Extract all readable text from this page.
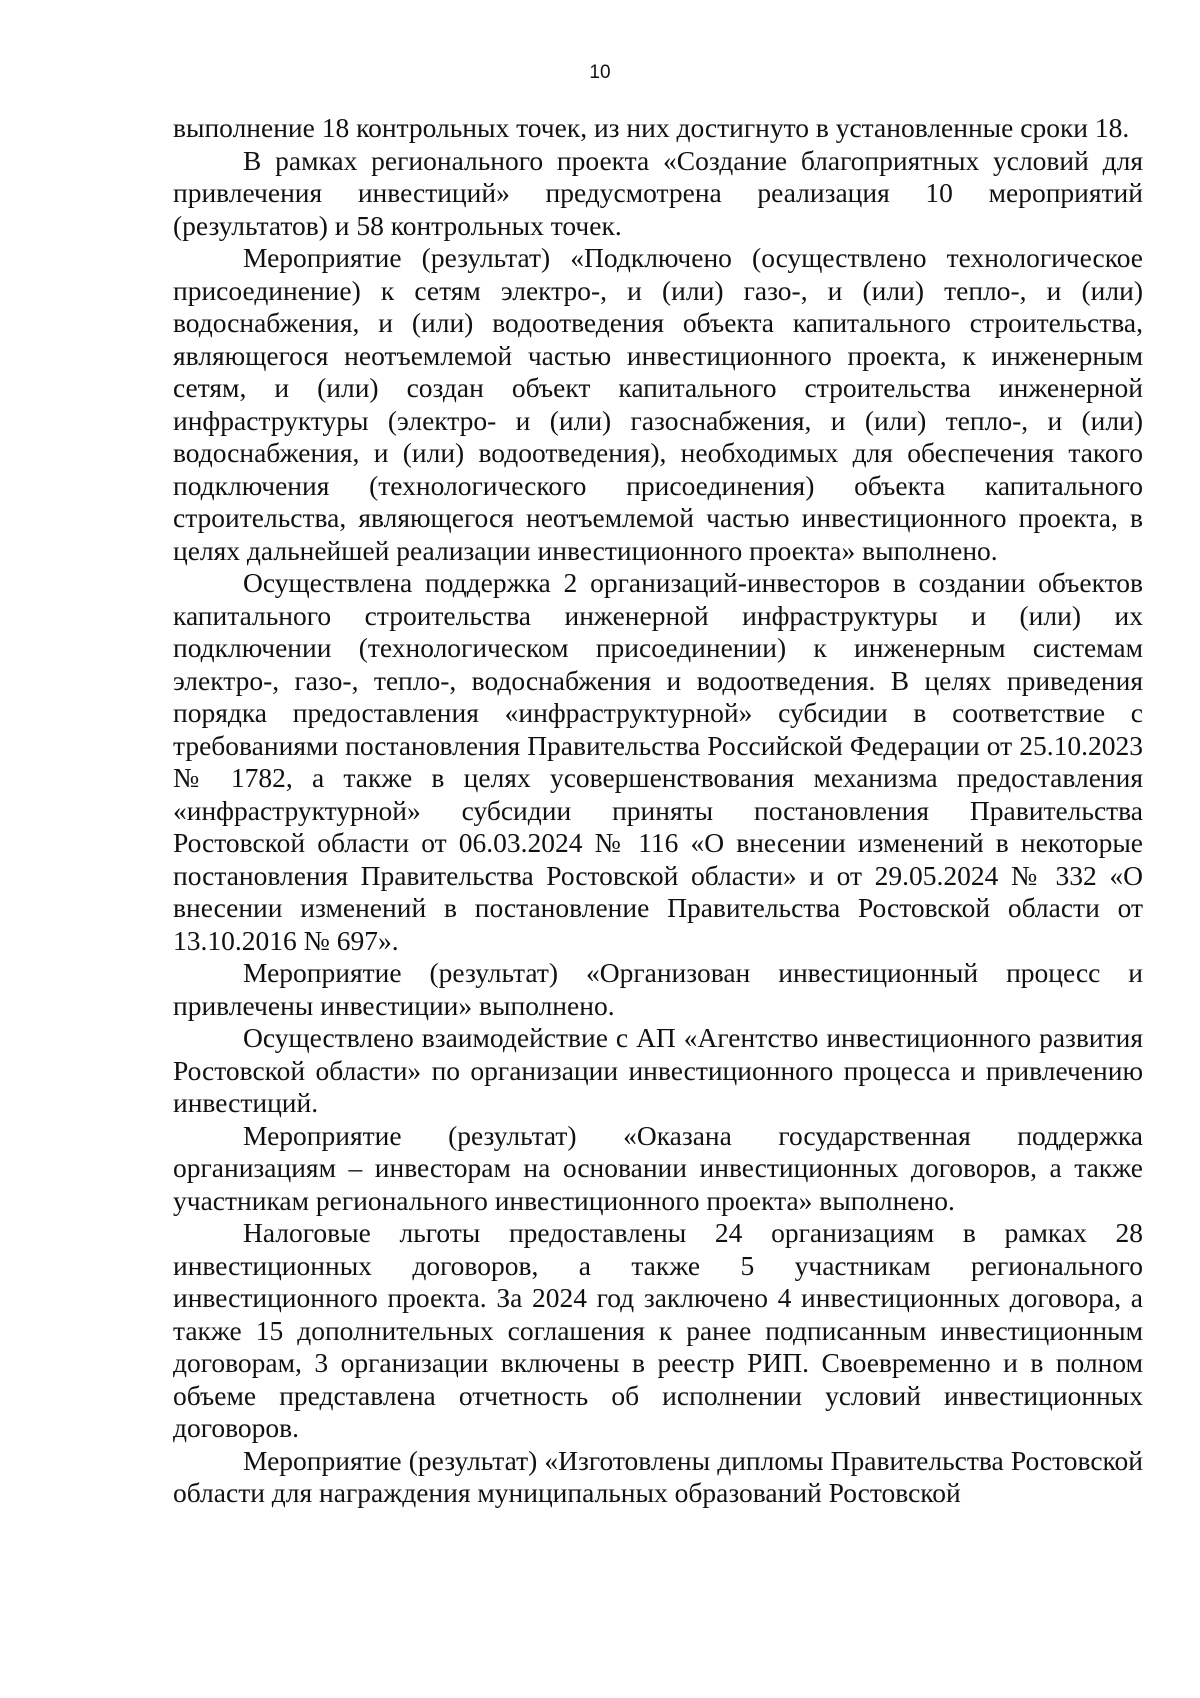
10

выполнение 18 контрольных точек, из них достигнуто в установленные сроки 18.

В рамках регионального проекта «Создание благоприятных условий для привлечения инвестиций» предусмотрена реализация 10 мероприятий (результатов) и 58 контрольных точек.

Мероприятие (результат) «Подключено (осуществлено технологическое присоединение) к сетям электро-, и (или) газо-, и (или) тепло-, и (или) водоснабжения, и (или) водоотведения объекта капитального строительства, являющегося неотъемлемой частью инвестиционного проекта, к инженерным сетям, и (или) создан объект капитального строительства инженерной инфраструктуры (электро- и (или) газоснабжения, и (или) тепло-, и (или) водоснабжения, и (или) водоотведения), необходимых для обеспечения такого подключения (технологического присоединения) объекта капитального строительства, являющегося неотъемлемой частью инвестиционного проекта, в целях дальнейшей реализации инвестиционного проекта» выполнено.

Осуществлена поддержка 2 организаций-инвесторов в создании объектов капитального строительства инженерной инфраструктуры и (или) их подключении (технологическом присоединении) к инженерным системам электро-, газо-, тепло-, водоснабжения и водоотведения. В целях приведения порядка предоставления «инфраструктурной» субсидии в соответствие с требованиями постановления Правительства Российской Федерации от 25.10.2023 № 1782, а также в целях усовершенствования механизма предоставления «инфраструктурной» субсидии приняты постановления Правительства Ростовской области от 06.03.2024 № 116 «О внесении изменений в некоторые постановления Правительства Ростовской области» и от 29.05.2024 № 332 «О внесении изменений в постановление Правительства Ростовской области от 13.10.2016 № 697».

Мероприятие (результат) «Организован инвестиционный процесс и привлечены инвестиции» выполнено.

Осуществлено взаимодействие с АП «Агентство инвестиционного развития Ростовской области» по организации инвестиционного процесса и привлечению инвестиций.

Мероприятие (результат) «Оказана государственная поддержка организациям – инвесторам на основании инвестиционных договоров, а также участникам регионального инвестиционного проекта» выполнено.

Налоговые льготы предоставлены 24 организациям в рамках 28 инвестиционных договоров, а также 5 участникам регионального инвестиционного проекта. За 2024 год заключено 4 инвестиционных договора, а также 15 дополнительных соглашения к ранее подписанным инвестиционным договорам, 3 организации включены в реестр РИП. Своевременно и в полном объеме представлена отчетность об исполнении условий инвестиционных договоров.

Мероприятие (результат) «Изготовлены дипломы Правительства Ростовской области для награждения муниципальных образований Ростовской
